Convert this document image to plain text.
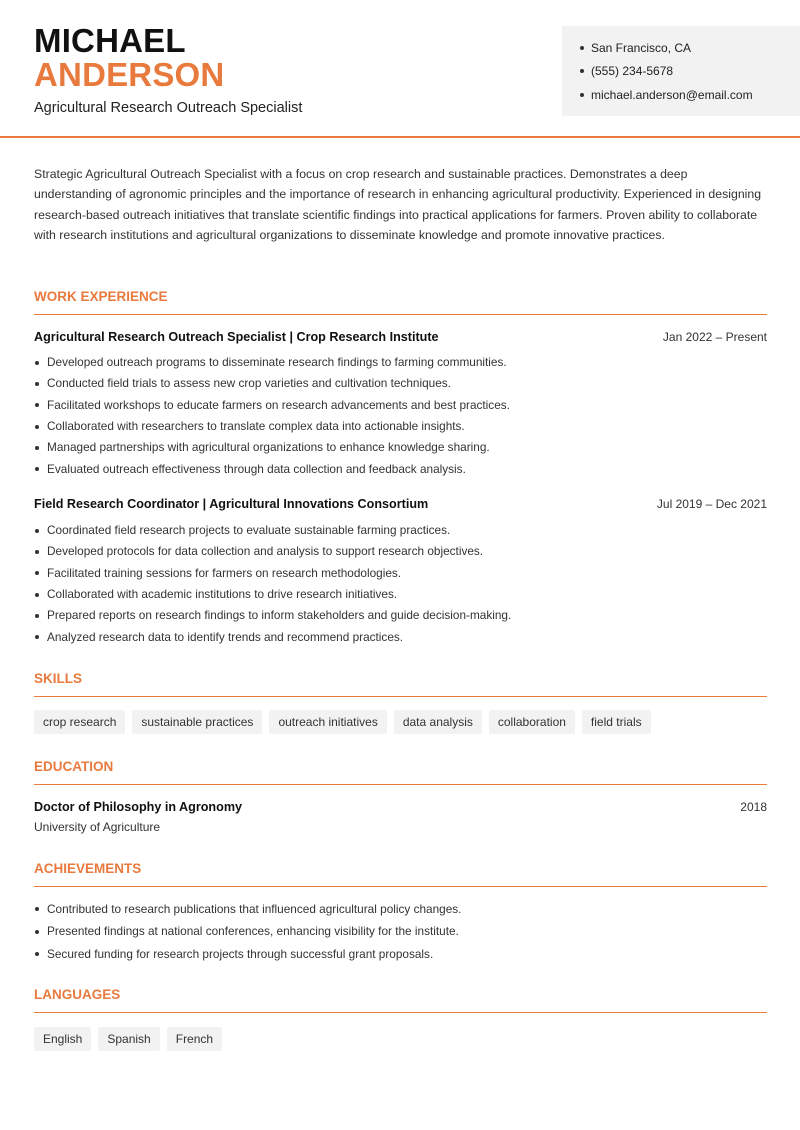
MICHAEL
ANDERSON
Agricultural Research Outreach Specialist
San Francisco, CA
(555) 234-5678
michael.anderson@email.com

Strategic Agricultural Outreach Specialist with a focus on crop research and sustainable practices. Demonstrates a deep understanding of agronomic principles and the importance of research in enhancing agricultural productivity. Experienced in designing research-based outreach initiatives that translate scientific findings into practical applications for farmers. Proven ability to collaborate with research institutions and agricultural organizations to disseminate knowledge and promote innovative practices.

WORK EXPERIENCE
Agricultural Research Outreach Specialist | Crop Research Institute	Jan 2022 – Present
Developed outreach programs to disseminate research findings to farming communities.
Conducted field trials to assess new crop varieties and cultivation techniques.
Facilitated workshops to educate farmers on research advancements and best practices.
Collaborated with researchers to translate complex data into actionable insights.
Managed partnerships with agricultural organizations to enhance knowledge sharing.
Evaluated outreach effectiveness through data collection and feedback analysis.
Field Research Coordinator | Agricultural Innovations Consortium	Jul 2019 – Dec 2021
Coordinated field research projects to evaluate sustainable farming practices.
Developed protocols for data collection and analysis to support research objectives.
Facilitated training sessions for farmers on research methodologies.
Collaborated with academic institutions to drive research initiatives.
Prepared reports on research findings to inform stakeholders and guide decision-making.
Analyzed research data to identify trends and recommend practices.
SKILLS
crop research	sustainable practices	outreach initiatives	data analysis	collaboration	field trials
EDUCATION
Doctor of Philosophy in Agronomy	2018
University of Agriculture
ACHIEVEMENTS
Contributed to research publications that influenced agricultural policy changes.
Presented findings at national conferences, enhancing visibility for the institute.
Secured funding for research projects through successful grant proposals.
LANGUAGES
English	Spanish	French
